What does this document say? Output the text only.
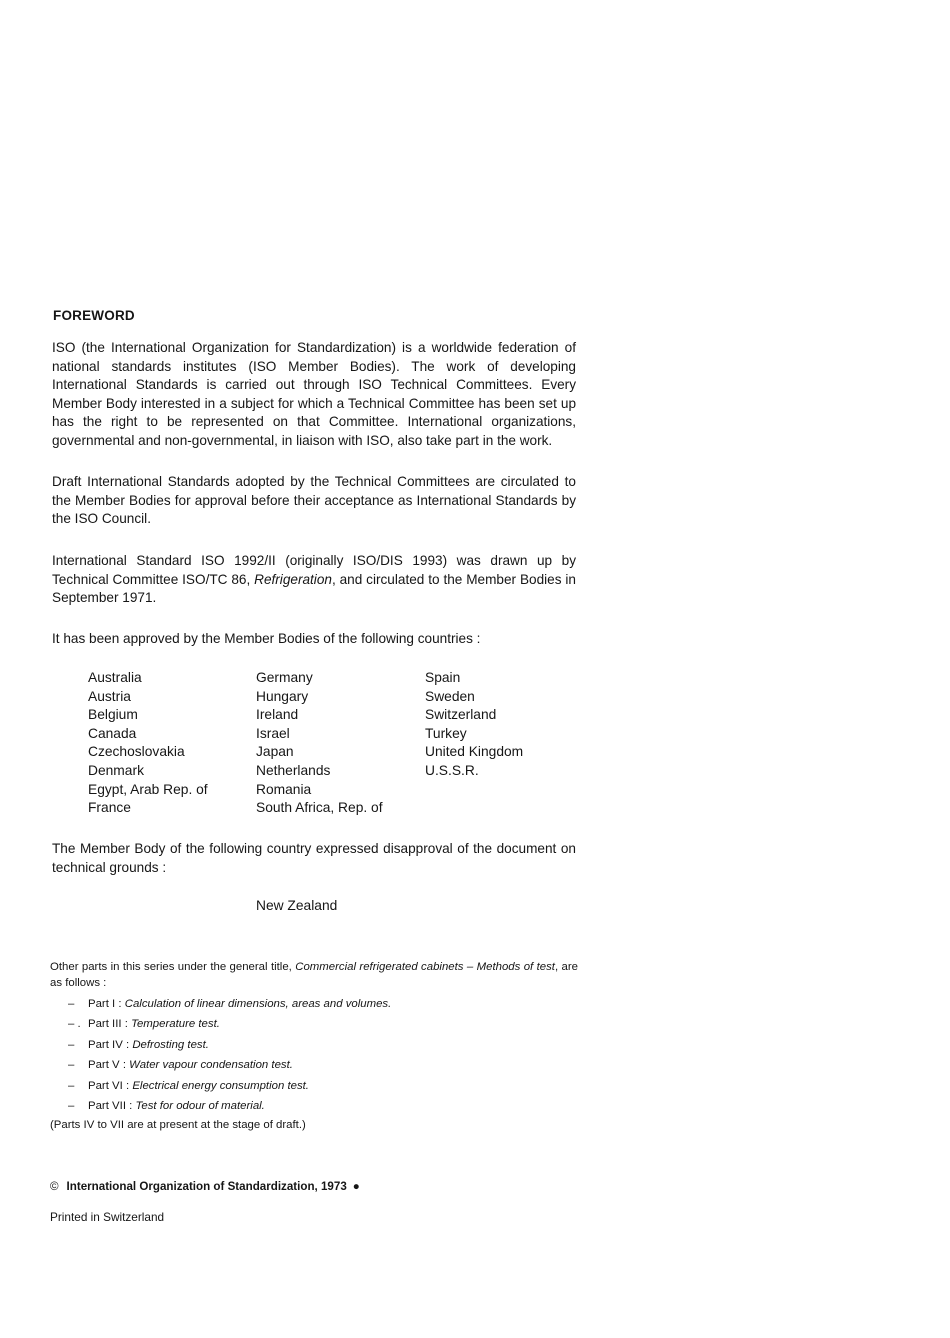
FOREWORD

ISO (the International Organization for Standardization) is a worldwide federation of national standards institutes (ISO Member Bodies). The work of developing International Standards is carried out through ISO Technical Committees. Every Member Body interested in a subject for which a Technical Committee has been set up has the right to be represented on that Committee. International organizations, governmental and non-governmental, in liaison with ISO, also take part in the work.

Draft International Standards adopted by the Technical Committees are circulated to the Member Bodies for approval before their acceptance as International Standards by the ISO Council.

International Standard ISO 1992/II (originally ISO/DIS 1993) was drawn up by Technical Committee ISO/TC 86, Refrigeration, and circulated to the Member Bodies in September 1971.

It has been approved by the Member Bodies of the following countries :

Australia
Austria
Belgium
Canada
Czechoslovakia
Denmark
Egypt, Arab Rep. of
France
Germany
Hungary
Ireland
Israel
Japan
Netherlands
Romania
South Africa, Rep. of
Spain
Sweden
Switzerland
Turkey
United Kingdom
U.S.S.R.

The Member Body of the following country expressed disapproval of the document on technical grounds :

New Zealand

Other parts in this series under the general title, Commercial refrigerated cabinets – Methods of test, are as follows :

– Part I : Calculation of linear dimensions, areas and volumes.
– . Part III : Temperature test.
– Part IV : Defrosting test.
– Part V : Water vapour condensation test.
– Part VI : Electrical energy consumption test.
– Part VII : Test for odour of material.

(Parts IV to VII are at present at the stage of draft.)

© International Organization of Standardization, 1973 ●
Printed in Switzerland
